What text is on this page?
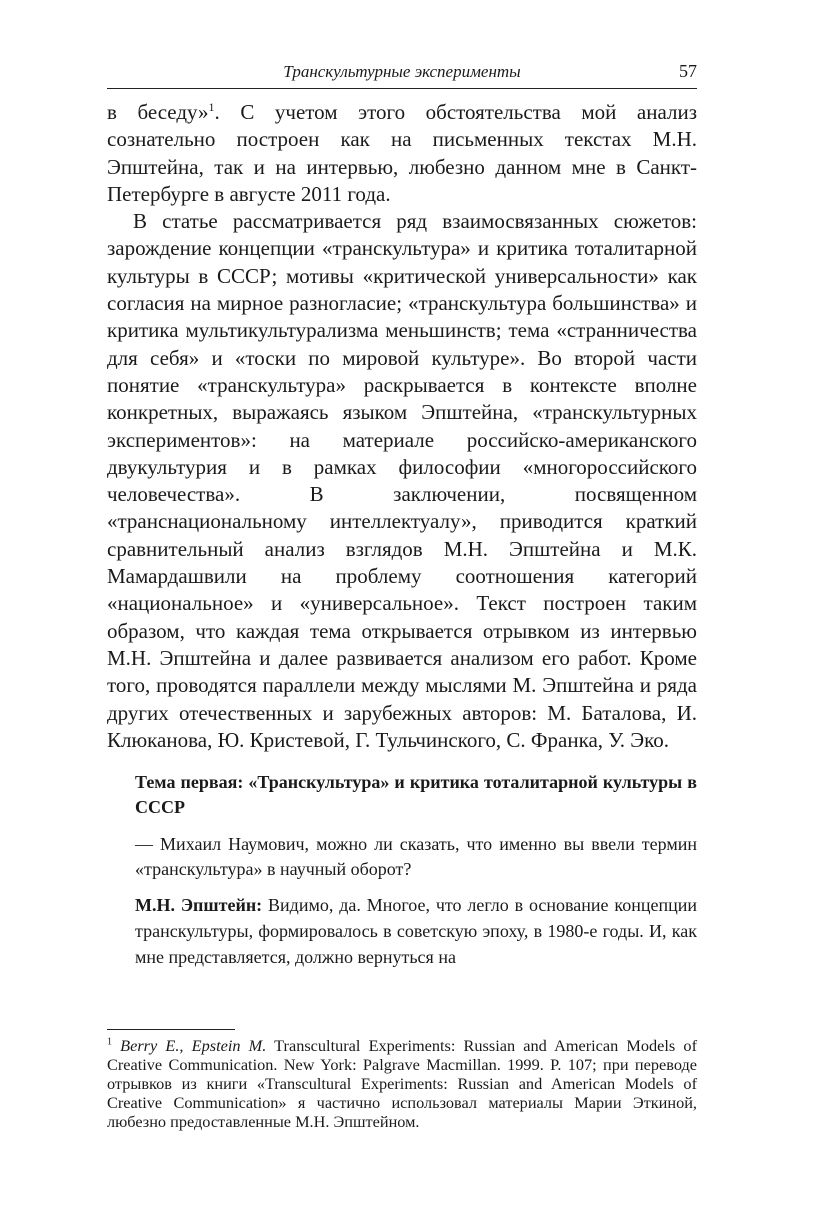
Транскультурные эксперименты	57

в беседу»$^1$. С учетом этого обстоятельства мой анализ сознательно построен как на письменных текстах М.Н. Эпштейна, так и на интервью, любезно данном мне в Санкт-Петербурге в августе 2011 года.

В статье рассматривается ряд взаимосвязанных сюжетов: зарождение концепции «транскультура» и критика тоталитарной культуры в СССР; мотивы «критической универсальности» как согласия на мирное разногласие; «транскультура большинства» и критика мультикультурализма меньшинств; тема «странничества для себя» и «тоски по мировой культуре». Во второй части понятие «транскультура» раскрывается в контексте вполне конкретных, выражаясь языком Эпштейна, «транскультурных экспериментов»: на материале российско-американского двукультурия и в рамках философии «многороссийского человечества». В заключении, посвященном «транснациональному интеллектуалу», приводится краткий сравнительный анализ взглядов М.Н. Эпштейна и М.К. Мамардашвили на проблему соотношения категорий «национальное» и «универсальное». Текст построен таким образом, что каждая тема открывается отрывком из интервью М.Н. Эпштейна и далее развивается анализом его работ. Кроме того, проводятся параллели между мыслями М. Эпштейна и ряда других отечественных и зарубежных авторов: М. Баталова, И. Клюканова, Ю. Кристевой, Г. Тульчинского, С. Франка, У. Эко.

Тема первая: «Транскультура» и критика тоталитарной культуры в СССР

— Михаил Наумович, можно ли сказать, что именно вы ввели термин «транскультура» в научный оборот?

М.Н. Эпштейн: Видимо, да. Многое, что легло в основание концепции транскультуры, формировалось в советскую эпоху, в 1980-е годы. И, как мне представляется, должно вернуться на

$^1$ Berry E., Epstein M. Transcultural Experiments: Russian and American Models of Creative Communication. New York: Palgrave Macmillan. 1999. P. 107; при переводе отрывков из книги «Transcultural Experiments: Russian and American Models of Creative Communication» я частично использовал материалы Марии Эткиной, любезно предоставленные М.Н. Эпштейном.
